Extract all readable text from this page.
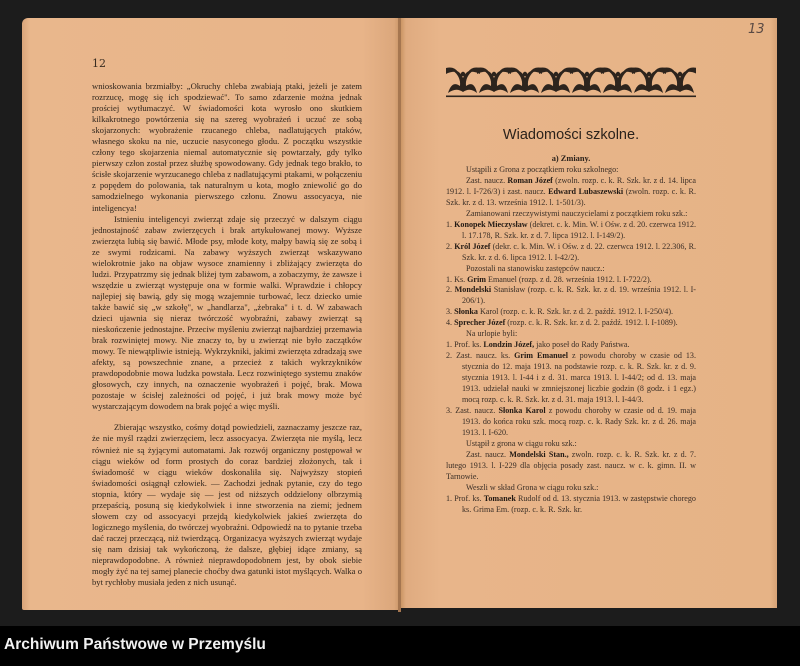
12
13

wnioskowania brzmiałby: „Okruchy chleba zwabiają ptaki, jeżeli je zatem rozrzucę, mogę się ich spodziewać". To samo zdarzenie można jednak prościej wytłumaczyć. W świadomości kota wyrosło ono skutkiem kilkakrotnego powtórzenia się na szereg wyobrażeń i uczuć ze sobą skojarzonych: wyobrażenie rzucanego chleba, nadlatujących ptaków, własnego skoku na nie, uczucie nasyconego głodu. Z początku wszystkie człony tego skojarzenia niemal automatycznie się powtarzały, gdy tylko pierwszy człon został przez służbę spowodowany. Gdy jednak tego brakło, to ścisłe skojarzenie wyrzucanego chleba z nadlatującymi ptakami, w połączeniu z popędem do polowania, tak naturalnym u kota, mogło zniewolić go do samodzielnego wykonania pierwszego członu. Znowu assocyacya, nie inteligencya!

Istnieniu inteligencyi zwierząt zdaje się przeczyć w dalszym ciągu jednostajność zabaw zwierzęcych i brak artykułowanej mowy. Wyższe zwierzęta lubią się bawić. Młode psy, młode koty, małpy bawią się ze sobą i ze swymi rodzicami. Na zabawy wyższych zwierząt wskazywano wielokrotnie jako na objaw wysoce znamienny i zbliżający zwierzęta do ludzi. Przypatrzmy się jednak bliżej tym zabawom, a zobaczymy, że zawsze i wszędzie u zwierząt występuje ona w formie walki. Wprawdzie i chłopcy najlepiej się bawią, gdy się mogą wzajemnie turbować, lecz dziecko umie także bawić się „w szkołę", w „handlarza", „żebraka" i t. d. W zabawach dzieci ujawnia się nieraz twórczość wyobraźni, zabawy zwierząt są nieskończenie jednostajne. Przeciw myśleniu zwierząt najbardziej przemawia brak rozwiniętej mowy. Nie znaczy to, by u zwierząt nie było zaczątków mowy. Te niewątpliwie istnieją. Wykrzykniki, jakimi zwierzęta zdradzają swe afekty, są powszechnie znane, a przecież z takich wykrzykników prawdopodobnie mowa ludzka powstała. Lecz rozwiniętego systemu znaków głosowych, czy innych, na oznaczenie wyobrażeń i pojęć, brak. Mowa pozostaje w ścisłej zależności od pojęć, i już brak mowy może być wystarczającym dowodem na brak pojęć a więc myśli.

Zbierając wszystko, cośmy dotąd powiedzieli, zaznaczamy jeszcze raz, że nie myśl rządzi zwierzęciem, lecz assocyacya. Zwierzęta nie myślą, lecz również nie są żyjącymi automatami. Jak rozwój organiczny postępował w ciągu wieków od form prostych do coraz bardziej złożonych, tak i świadomość w ciągu wieków doskonaliła się. Najwyższy stopień świadomości osiągnął człowiek. — Zachodzi jednak pytanie, czy do tego stopnia, który — wydaje się — jest od niższych oddzielony olbrzymią przepaścią, posuną się kiedykolwiek i inne stworzenia na ziemi; jednem słowem czy od assocyacyi przejdą kiedykolwiek jakieś zwierzęta do logicznego myślenia, do twórczej wyobraźni. Odpowiedź na to pytanie trzeba dać raczej przeczącą, niż twierdzącą. Organizacya wyższych zwierząt wydaje się nam dzisiaj tak wykończoną, że dalsze, głębiej idące zmiany, są nieprawdopodobne. A również nieprawdopodobnem jest, by obok siebie mogły żyć na tej samej planecie choćby dwa gatunki istot myślących. Walka o byt rychłoby musiała jeden z nich usunąć.

Wiadomości szkolne.
a) Zmiany.

Ustąpili z Grona z początkiem roku szkolnego:

Zast. naucz. Roman Józef (zwoln. rozp. c. k. R. Szk. kr. z d. 14. lipca 1912. l. I-726/3) i zast. naucz. Edward Lubaszewski (zwoln. rozp. c. k. R. Szk. kr. z d. 13. września 1912. l. 1-501/3).

Zamianowani rzeczywistymi nauczycielami z początkiem roku szk.:

1. Konopek Mieczysław (dekret. c. k. Min. W. i Ośw. z d. 20. czerwca 1912. l. 17.178, R. Szk. kr. z d. 7. lipca 1912. l. I-149/2).

2. Król Józef (dekr. c. k. Min. W. i Ośw. z d. 22. czerwca 1912. l. 22.306, R. Szk. kr. z d. 6. lipca 1912. l. I-42/2).

Pozostali na stanowisku zastępców naucz.:

1. Ks. Grim Emanuel (rozp. z d. 28. września 1912. l. I-722/2).

2. Mondelski Stanisław (rozp. c. k. R. Szk. kr. z d. 19. września 1912. l. I-206/1).

3. Słonka Karol (rozp. c. k. R. Szk. kr. z d. 2. paźdź. 1912. l. I-250/4).

4. Sprecher Józef (rozp. c. k. R. Szk. kr. z d. 2. paźdź. 1912. l. I-1089).

Na urlopie byli:

1. Prof. ks. Londzin Józef, jako poseł do Rady Państwa.

2. Zast. naucz. ks. Grim Emanuel z powodu choroby w czasie od 13. stycznia do 12. maja 1913. na podstawie rozp. c. k. R. Szk. kr. z d. 9. stycznia 1913. l. I-44 i z d. 31. marca 1913. l. I-44/2; od d. 13. maja 1913. udzielał nauki w zmniejszonej liczbie godzin (8 godz. i 1 egz.) mocą rozp. c. k. R. Szk. kr. z d. 31. maja 1913. l. I-44/3.

3. Zast. naucz. Słonka Karol z powodu choroby w czasie od d. 19. maja 1913. do końca roku szk. mocą rozp. c. k. Rady Szk. kr. z d. 26. maja 1913. l. I-620.

Ustąpił z grona w ciągu roku szk.:

Zast. naucz. Mondelski Stan., zwoln. rozp. c. k. R. Szk. kr. z d. 7. lutego 1913. l. I-229 dla objęcia posady zast. naucz. w c. k. gimn. II. w Tarnowie.

Weszli w skład Grona w ciągu roku szk.:

1. Prof. ks. Tomanek Rudolf od d. 13. stycznia 1913. w zastępstwie chorego ks. Grima Em. (rozp. c. k. R. Szk. kr.

Archiwum Państwowe w Przemyślu
